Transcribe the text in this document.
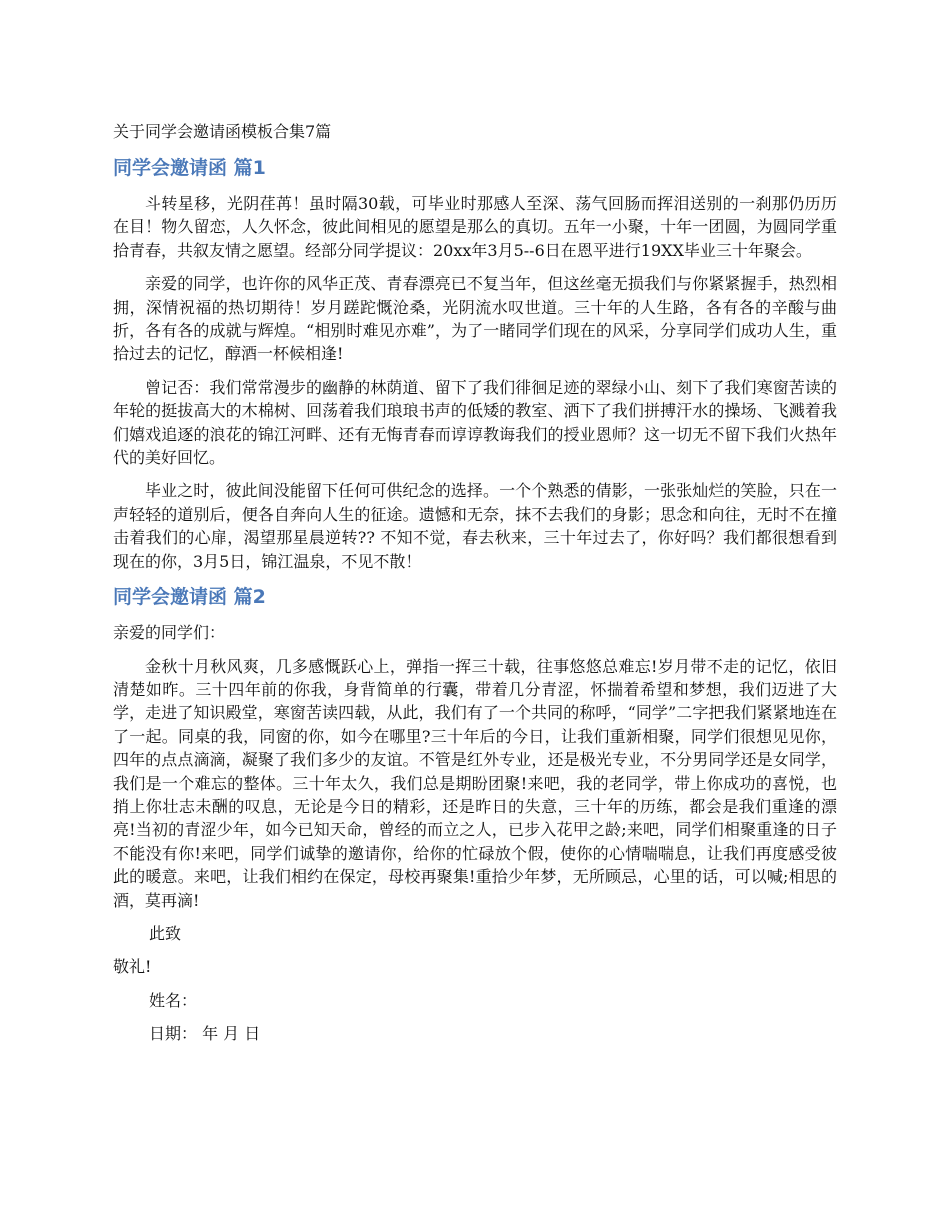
关于同学会邀请函模板合集7篇
同学会邀请函 篇1

斗转星移，光阴荏苒！虽时隔30载，可毕业时那感人至深、荡气回肠而挥泪送别的一刹那仍历历在目！物久留恋，人久怀念，彼此间相见的愿望是那么的真切。五年一小聚，十年一团圆，为圆同学重拾青春，共叙友情之愿望。经部分同学提议：20xx年3月5--6日在恩平进行19XX毕业三十年聚会。

亲爱的同学，也许你的风华正茂、青春漂亮已不复当年，但这丝毫无损我们与你紧紧握手，热烈相拥，深情祝福的热切期待！岁月蹉跎慨沧桑，光阴流水叹世道。三十年的人生路，各有各的辛酸与曲折，各有各的成就与辉煌。“相别时难见亦难”，为了一睹同学们现在的风采，分享同学们成功人生，重拾过去的记忆，醇酒一杯候相逢!

曾记否：我们常常漫步的幽静的林荫道、留下了我们徘徊足迹的翠绿小山、刻下了我们寒窗苦读的年轮的挺拔高大的木棉树、回荡着我们琅琅书声的低矮的教室、洒下了我们拼搏汗水的操场、飞溅着我们嬉戏追逐的浪花的锦江河畔、还有无悔青春而谆谆教诲我们的授业恩师？这一切无不留下我们火热年代的美好回忆。

毕业之时，彼此间没能留下任何可供纪念的选择。一个个熟悉的倩影，一张张灿烂的笑脸，只在一声轻轻的道别后，便各自奔向人生的征途。遗憾和无奈，抹不去我们的身影；思念和向往，无时不在撞击着我们的心扉，渴望那星晨逆转?? 不知不觉，春去秋来，三十年过去了，你好吗？我们都很想看到现在的你，3月5日，锦江温泉，不见不散！

同学会邀请函 篇2
亲爱的同学们：

金秋十月秋风爽，几多感慨跃心上，弹指一挥三十载，往事悠悠总难忘!岁月带不走的记忆，依旧清楚如昨。三十四年前的你我，身背简单的行囊，带着几分青涩，怀揣着希望和梦想，我们迈进了大学，走进了知识殿堂，寒窗苦读四载，从此，我们有了一个共同的称呼，“同学”二字把我们紧紧地连在了一起。同桌的我，同窗的你，如今在哪里?三十年后的今日，让我们重新相聚，同学们很想见见你，四年的点点滴滴，凝聚了我们多少的友谊。不管是红外专业，还是极光专业，不分男同学还是女同学，我们是一个难忘的整体。三十年太久，我们总是期盼团聚!来吧，我的老同学，带上你成功的喜悦，也捎上你壮志未酬的叹息，无论是今日的精彩，还是昨日的失意，三十年的历练，都会是我们重逢的漂亮!当初的青涩少年，如今已知天命，曾经的而立之人，已步入花甲之龄;来吧，同学们相聚重逢的日子不能没有你!来吧，同学们诚挚的邀请你，给你的忙碌放个假，使你的心情喘喘息，让我们再度感受彼此的暖意。来吧，让我们相约在保定，母校再聚集!重拾少年梦，无所顾忌，心里的话，可以喊;相思的酒，莫再滴!

此致
敬礼!
姓名：
日期： 年 月 日
